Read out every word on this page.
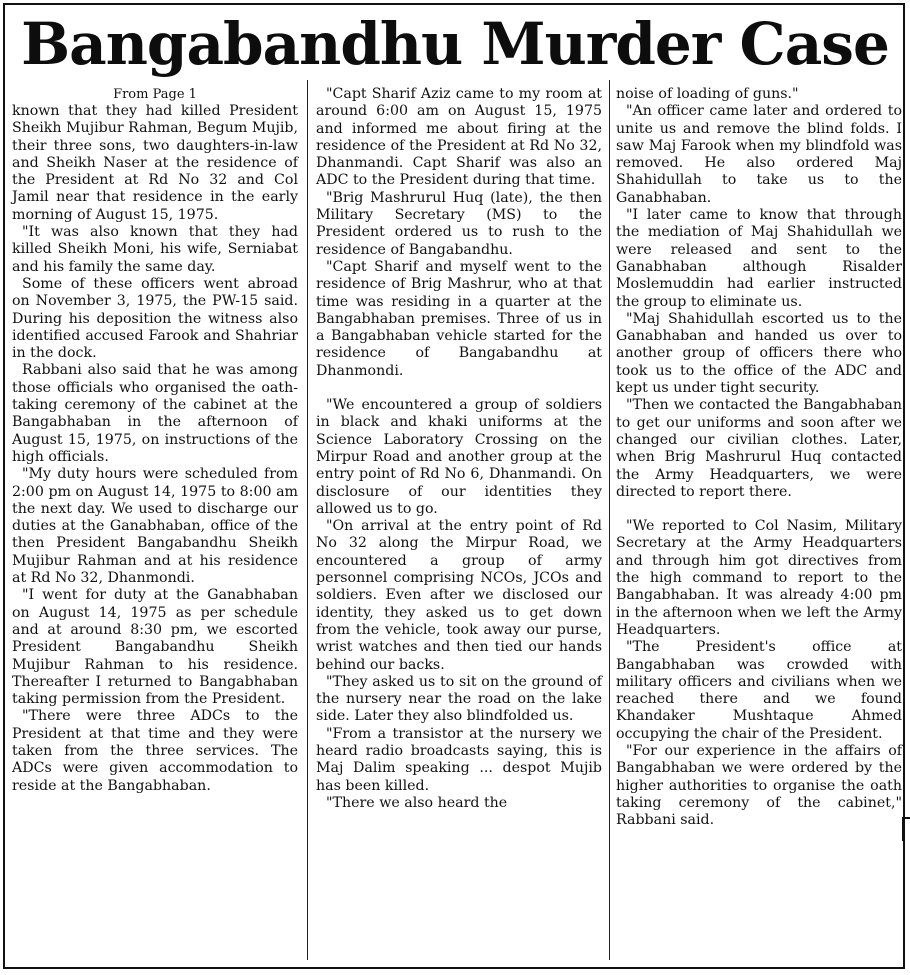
Bangabandhu Murder Case

From Page 1

known that they had killed President Sheikh Mujibur Rahman, Begum Mujib, their three sons, two daughters-in-law and Sheikh Naser at the residence of the President at Rd No 32 and Col Jamil near that residence in the early morning of August 15, 1975.

"It was also known that they had killed Sheikh Moni, his wife, Serniabat and his family the same day.

Some of these officers went abroad on November 3, 1975, the PW-15 said. During his deposition the witness also identified accused Farook and Shahriar in the dock.

Rabbani also said that he was among those officials who organised the oath-taking ceremony of the cabinet at the Bangabhaban in the afternoon of August 15, 1975, on instructions of the high officials.

"My duty hours were scheduled from 2:00 pm on August 14, 1975 to 8:00 am the next day. We used to discharge our duties at the Ganabhaban, office of the then President Bangabandhu Sheikh Mujibur Rahman and at his residence at Rd No 32, Dhanmondi.

"I went for duty at the Ganabhaban on August 14, 1975 as per schedule and at around 8:30 pm, we escorted President Bangabandhu Sheikh Mujibur Rahman to his residence. Thereafter I returned to Bangabhaban taking permission from the President.

"There were three ADCs to the President at that time and they were taken from the three services. The ADCs were given accommodation to reside at the Bangabhaban.

"Capt Sharif Aziz came to my room at around 6:00 am on August 15, 1975 and informed me about firing at the residence of the President at Rd No 32, Dhanmandi. Capt Sharif was also an ADC to the President during that time.

"Brig Mashrurul Huq (late), the then Military Secretary (MS) to the President ordered us to rush to the residence of Bangabandhu.

"Capt Sharif and myself went to the residence of Brig Mashrur, who at that time was residing in a quarter at the Bangabhaban premises. Three of us in a Bangabhaban vehicle started for the residence of Bangabandhu at Dhanmondi.

"We encountered a group of soldiers in black and khaki uniforms at the Science Laboratory Crossing on the Mirpur Road and another group at the entry point of Rd No 6, Dhanmandi. On disclosure of our identities they allowed us to go.

"On arrival at the entry point of Rd No 32 along the Mirpur Road, we encountered a group of army personnel comprising NCOs, JCOs and soldiers. Even after we disclosed our identity, they asked us to get down from the vehicle, took away our purse, wrist watches and then tied our hands behind our backs.

"They asked us to sit on the ground of the nursery near the road on the lake side. Later they also blindfolded us.

"From a transistor at the nursery we heard radio broadcasts saying, this is Maj Dalim speaking ... despot Mujib has been killed.

"There we also heard the

noise of loading of guns."

"An officer came later and ordered to unite us and remove the blind folds. I saw Maj Farook when my blindfold was removed. He also ordered Maj Shahidullah to take us to the Ganabhaban.

"I later came to know that through the mediation of Maj Shahidullah we were released and sent to the Ganabhaban although Risalder Moslemuddin had earlier instructed the group to eliminate us.

"Maj Shahidullah escorted us to the Ganabhaban and handed us over to another group of officers there who took us to the office of the ADC and kept us under tight security.

"Then we contacted the Bangabhaban to get our uniforms and soon after we changed our civilian clothes. Later, when Brig Mashrurul Huq contacted the Army Headquarters, we were directed to report there.

"We reported to Col Nasim, Military Secretary at the Army Headquarters and through him got directives from the high command to report to the Bangabhaban. It was already 4:00 pm in the afternoon when we left the Army Headquarters.

"The President's office at Bangabhaban was crowded with military officers and civilians when we reached there and we found Khandaker Mushtaque Ahmed occupying the chair of the President.

"For our experience in the affairs of Bangabhaban we were ordered by the higher authorities to organise the oath taking ceremony of the cabinet," Rabbani said.
